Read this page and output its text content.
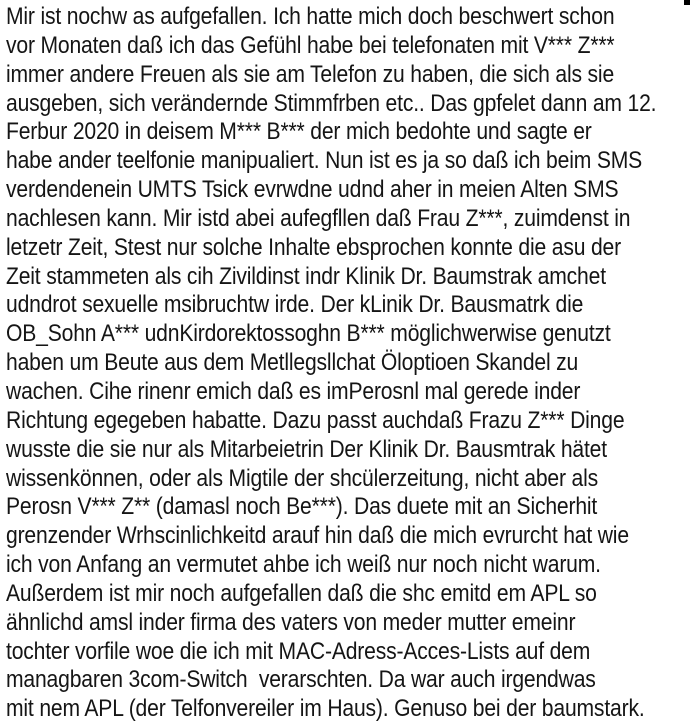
Mir ist nochw as aufgefallen. Ich hatte mich doch beschwert schon
vor Monaten daß ich das Gefühl habe bei telefonaten mit V*** Z***
immer andere Freuen als sie am Telefon zu haben, die sich als sie
ausgeben, sich verändernde Stimmfrben etc.. Das gpfelet dann am 12.
Ferbur 2020 in deisem M*** B*** der mich bedohte und sagte er
habe ander teelfonie manipualiert. Nun ist es ja so daß ich beim SMS
verdendenein UMTS Tsick evrwdne udnd aher in meien Alten SMS
nachlesen kann. Mir istd abei aufegfllen daß Frau Z***, zuimdenst in
letzetr Zeit, Stest nur solche Inhalte ebsprochen konnte die asu der
Zeit stammeten als cih Zivildinst indr Klinik Dr. Baumstrak amchet
udndrot sexuelle msibruchtw irde. Der kLinik Dr. Bausmatrk die
OB_Sohn A*** udnKirdorektossoghn B*** möglichwerwise genutzt
haben um Beute aus dem Metllegsllchat Öloptioen Skandel zu
wachen. Cihe rinenr emich daß es imPerosnl mal gerede inder
Richtung egegeben habatte. Dazu passt auchdaß Frazu Z*** Dinge
wusste die sie nur als Mitarbeietrin Der Klinik Dr. Bausmtrak hätet
wissenkönnen, oder als Migtile der shcülerzeitung, nicht aber als
Perosn V*** Z** (damasl noch Be***). Das duete mit an Sicherhit
grenzender Wrhscinlichkeitd arauf hin daß die mich evrurcht hat wie
ich von Anfang an vermutet ahbe ich weiß nur noch nicht warum.
Außerdem ist mir noch aufgefallen daß die shc emitd em APL so
ähnlichd amsl inder firma des vaters von meder mutter emeinr
tochter vorfile woe die ich mit MAC-Adress-Acces-Lists auf dem
managbaren 3com-Switch  verarschten. Da war auch irgendwas
mit nem APL (der Telfonvereiler im Haus). Genuso bei der baumstark.
